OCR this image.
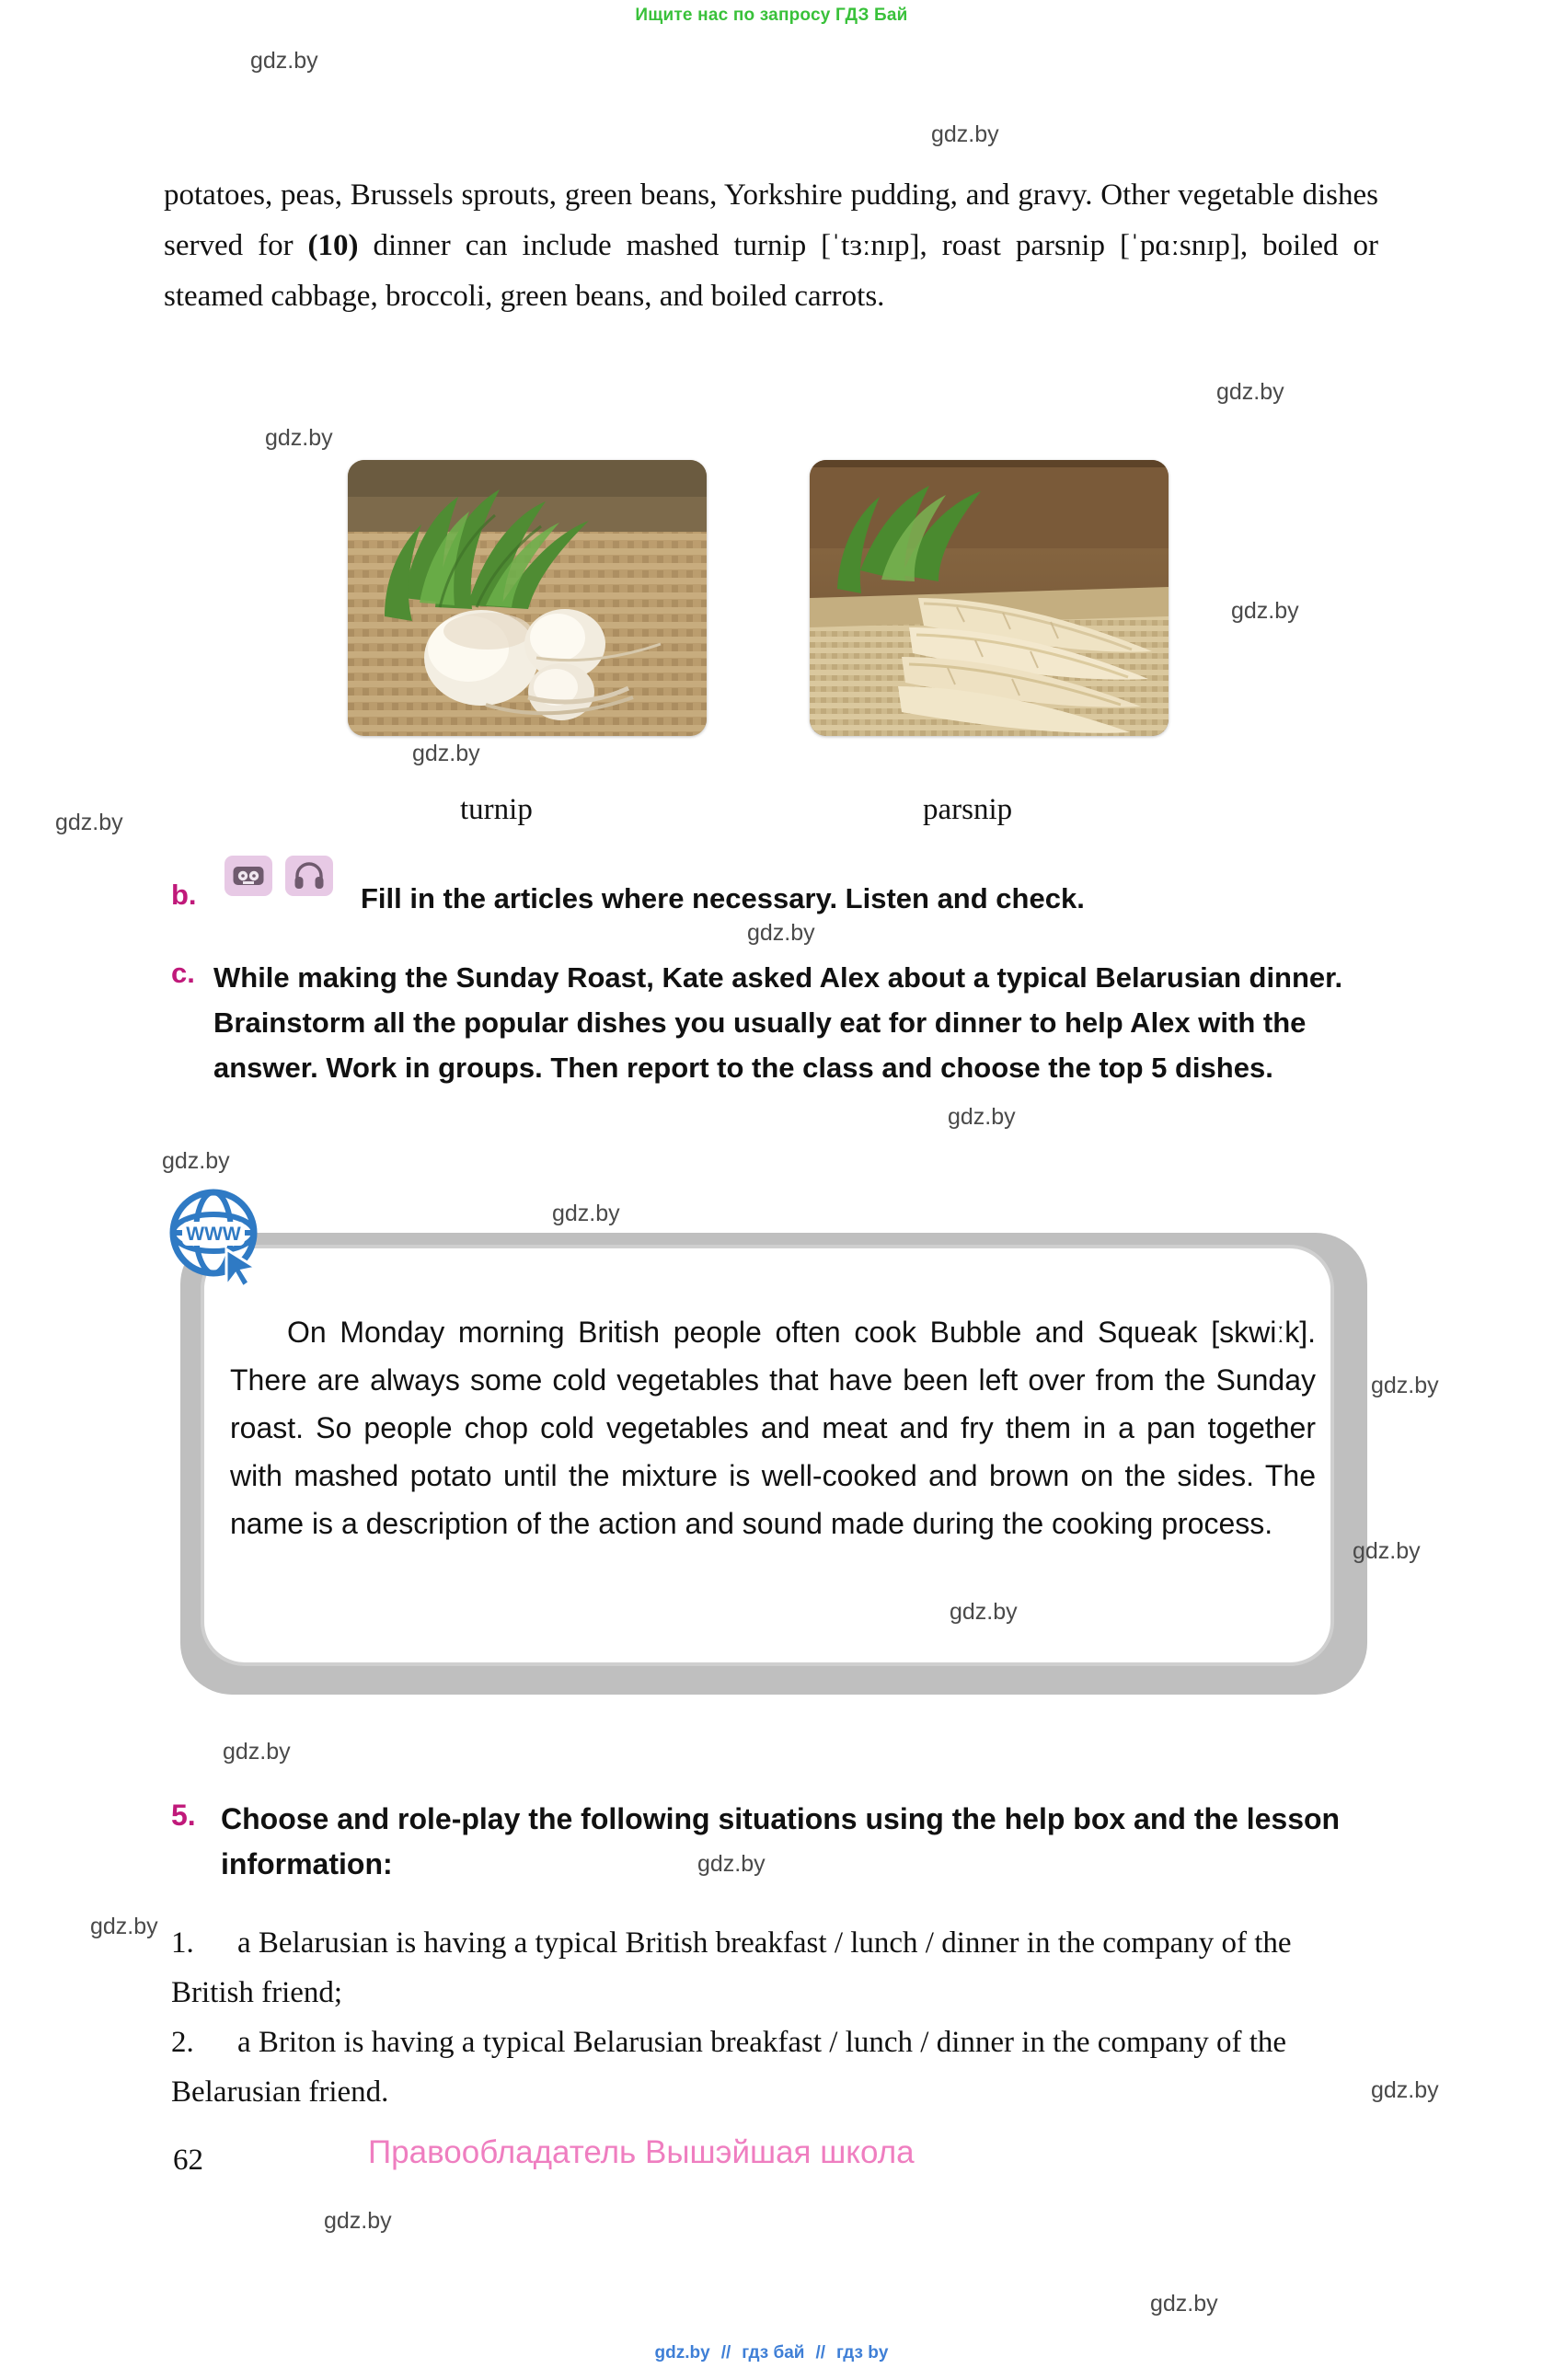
Ищите нас по запросу ГДЗ Бай
potatoes, peas, Brussels sprouts, green beans, Yorkshire pudding, and gravy. Other vegetable dishes served for (10) dinner can include mashed turnip [ˈtɜːnɪp], roast parsnip [ˈpɑːsnɪp], boiled or steamed cabbage, broccoli, green beans, and boiled carrots.
turnip	parsnip
b.	Fill in the articles where necessary. Listen and check.
c. While making the Sunday Roast, Kate asked Alex about a typical Belarusian dinner. Brainstorm all the popular dishes you usually eat for dinner to help Alex with the answer. Work in groups. Then report to the class and choose the top 5 dishes.
On Monday morning British people often cook Bubble and Squeak [skwiːk]. There are always some cold vegetables that have been left over from the Sunday roast. So people chop cold vegetables and meat and fry them in a pan together with mashed potato until the mixture is well-cooked and brown on the sides. The name is a description of the action and sound made during the cooking process.
WWW
5. Choose and role-play the following situations using the help box and the lesson information:
1. a Belarusian is having a typical British breakfast / lunch / dinner in the company of the British friend;
2. a Briton is having a typical Belarusian breakfast / lunch / dinner in the company of the Belarusian friend.
62	Правообладатель Вышэйшая школа
gdz.by // гдз бай // гдз by
gdz.by
gdz.by
gdz.by
gdz.by
gdz.by
gdz.by
gdz.by
gdz.by
gdz.by
gdz.by
gdz.by
gdz.by
gdz.by
gdz.by
gdz.by
gdz.by
gdz.by
gdz.by
gdz.by
gdz.by
